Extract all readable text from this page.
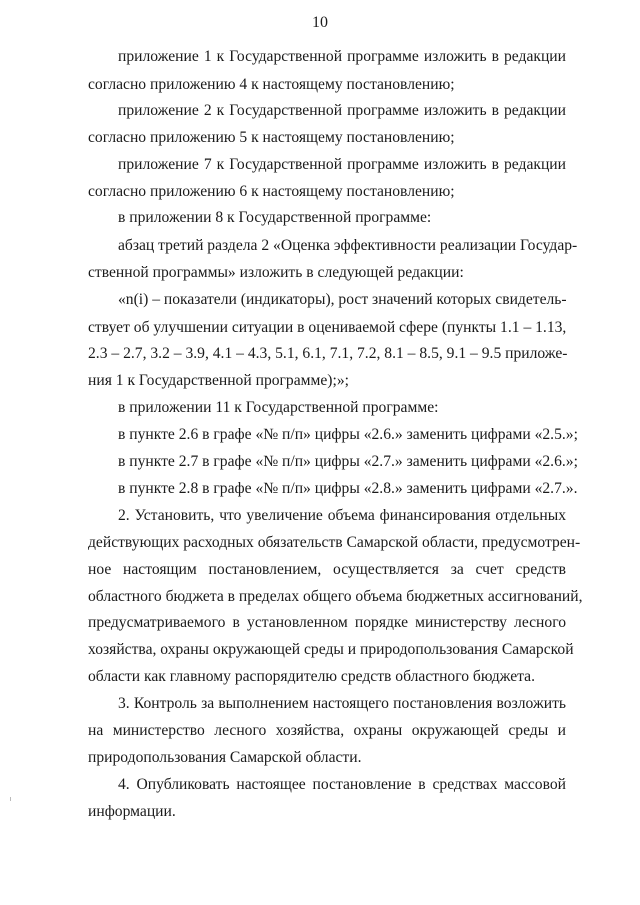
10
приложение 1 к Государственной программе изложить в редакции
согласно приложению 4 к настоящему постановлению;
приложение 2 к Государственной программе изложить в редакции
согласно приложению 5 к настоящему постановлению;
приложение 7 к Государственной программе изложить в редакции
согласно приложению 6 к настоящему постановлению;
в приложении 8 к Государственной программе:
абзац третий раздела 2 «Оценка эффективности реализации Государ-
ственной программы» изложить в следующей редакции:
«n(i) – показатели (индикаторы), рост значений которых свидетель-
ствует об улучшении ситуации в оцениваемой сфере (пункты 1.1 – 1.13,
2.3 – 2.7, 3.2 – 3.9, 4.1 – 4.3, 5.1, 6.1, 7.1, 7.2, 8.1 – 8.5, 9.1 – 9.5 приложе-
ния 1 к Государственной программе);»;
в приложении 11 к Государственной программе:
в пункте 2.6 в графе «№ п/п» цифры «2.6.» заменить цифрами «2.5.»;
в пункте 2.7 в графе «№ п/п» цифры «2.7.» заменить цифрами «2.6.»;
в пункте 2.8 в графе «№ п/п» цифры «2.8.» заменить цифрами «2.7.».
2. Установить, что увеличение объема финансирования отдельных
действующих расходных обязательств Самарской области, предусмотрен-
ное настоящим постановлением, осуществляется за счет средств
областного бюджета в пределах общего объема бюджетных ассигнований,
предусматриваемого в установленном порядке министерству лесного
хозяйства, охраны окружающей среды и природопользования Самарской
области как главному распорядителю средств областного бюджета.
3. Контроль за выполнением настоящего постановления возложить
на министерство лесного хозяйства, охраны окружающей среды и
природопользования Самарской области.
4. Опубликовать настоящее постановление в средствах массовой
информации.
